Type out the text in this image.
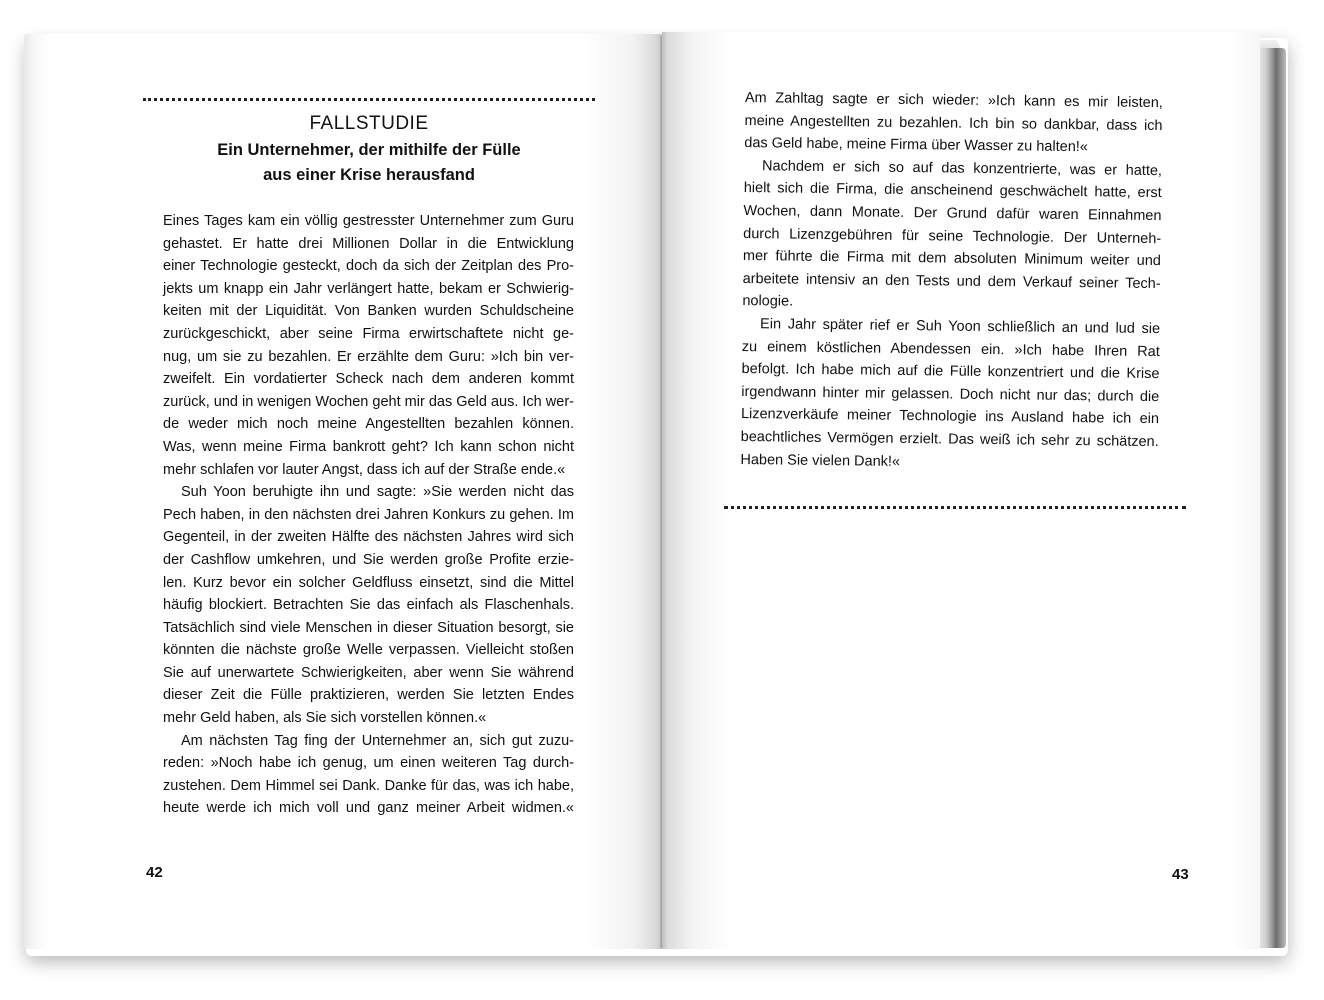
FALLSTUDIE
Ein Unternehmer, der mithilfe der Fülle
aus einer Krise herausfand
Eines Tages kam ein völlig gestresster Unternehmer zum Guru
gehastet. Er hatte drei Millionen Dollar in die Entwicklung
einer Technologie gesteckt, doch da sich der Zeitplan des Pro-
jekts um knapp ein Jahr verlängert hatte, bekam er Schwierig-
keiten mit der Liquidität. Von Banken wurden Schuldscheine
zurückgeschickt, aber seine Firma erwirtschaftete nicht ge-
nug, um sie zu bezahlen. Er erzählte dem Guru: »Ich bin ver-
zweifelt. Ein vordatierter Scheck nach dem anderen kommt
zurück, und in wenigen Wochen geht mir das Geld aus. Ich wer-
de weder mich noch meine Angestellten bezahlen können.
Was, wenn meine Firma bankrott geht? Ich kann schon nicht
mehr schlafen vor lauter Angst, dass ich auf der Straße ende.«
Suh Yoon beruhigte ihn und sagte: »Sie werden nicht das
Pech haben, in den nächsten drei Jahren Konkurs zu gehen. Im
Gegenteil, in der zweiten Hälfte des nächsten Jahres wird sich
der Cashflow umkehren, und Sie werden große Profite erzie-
len. Kurz bevor ein solcher Geldfluss einsetzt, sind die Mittel
häufig blockiert. Betrachten Sie das einfach als Flaschenhals.
Tatsächlich sind viele Menschen in dieser Situation besorgt, sie
könnten die nächste große Welle verpassen. Vielleicht stoßen
Sie auf unerwartete Schwierigkeiten, aber wenn Sie während
dieser Zeit die Fülle praktizieren, werden Sie letzten Endes
mehr Geld haben, als Sie sich vorstellen können.«
Am nächsten Tag fing der Unternehmer an, sich gut zuzu-
reden: »Noch habe ich genug, um einen weiteren Tag durch-
zustehen. Dem Himmel sei Dank. Danke für das, was ich habe,
heute werde ich mich voll und ganz meiner Arbeit widmen.«
42
Am Zahltag sagte er sich wieder: »Ich kann es mir leisten,
meine Angestellten zu bezahlen. Ich bin so dankbar, dass ich
das Geld habe, meine Firma über Wasser zu halten!«
Nachdem er sich so auf das konzentrierte, was er hatte,
hielt sich die Firma, die anscheinend geschwächelt hatte, erst
Wochen, dann Monate. Der Grund dafür waren Einnahmen
durch Lizenzgebühren für seine Technologie. Der Unterneh-
mer führte die Firma mit dem absoluten Minimum weiter und
arbeitete intensiv an den Tests und dem Verkauf seiner Tech-
nologie.
Ein Jahr später rief er Suh Yoon schließlich an und lud sie
zu einem köstlichen Abendessen ein. »Ich habe Ihren Rat
befolgt. Ich habe mich auf die Fülle konzentriert und die Krise
irgendwann hinter mir gelassen. Doch nicht nur das; durch die
Lizenzverkäufe meiner Technologie ins Ausland habe ich ein
beachtliches Vermögen erzielt. Das weiß ich sehr zu schätzen.
Haben Sie vielen Dank!«
43
